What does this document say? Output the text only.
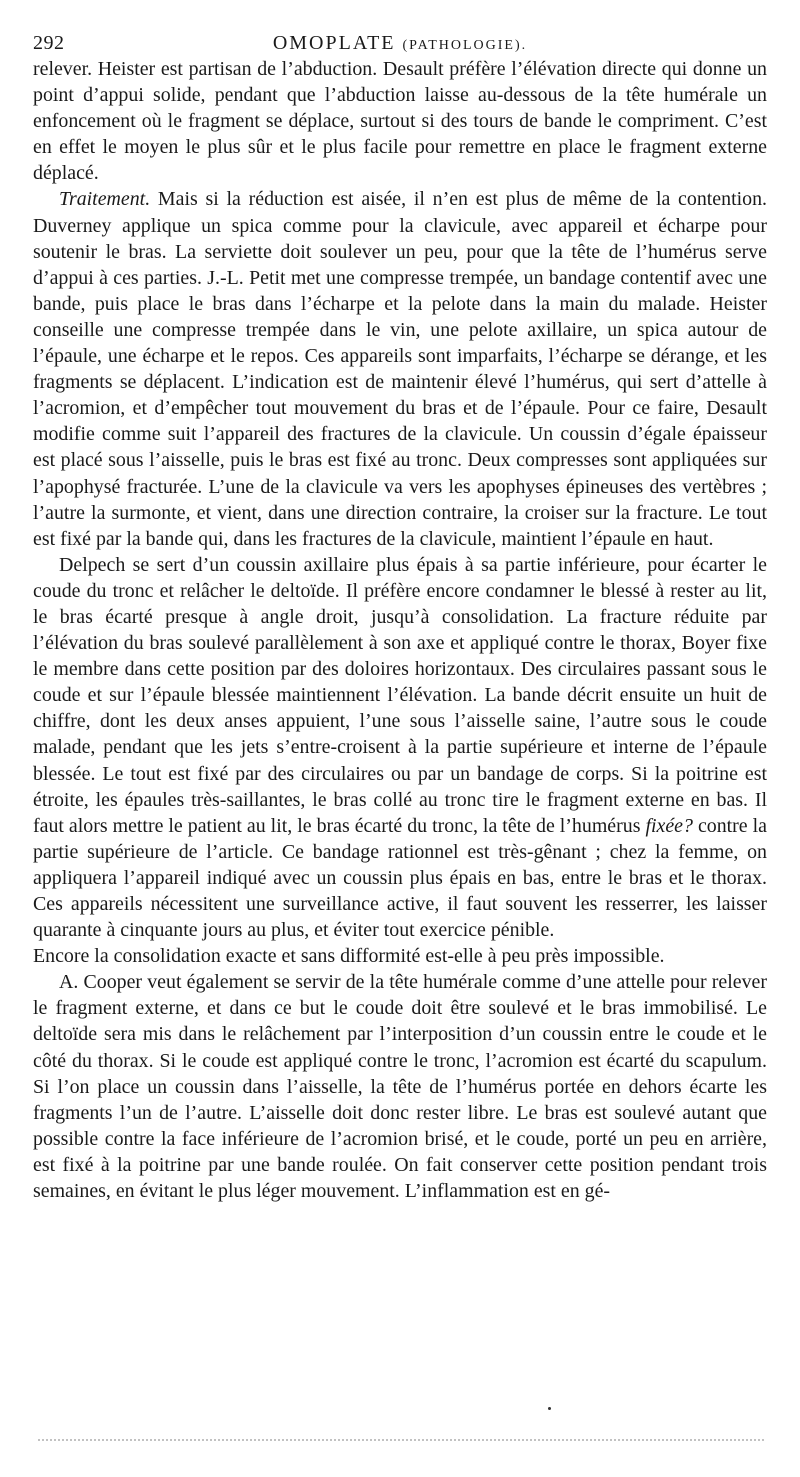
292	OMOPLATE (PATHOLOGIE).

relever. Heister est partisan de l’abduction. Desault préfère l’élévation directe qui donne un point d’appui solide, pendant que l’abduction laisse au-dessous de la tête humérale un enfoncement où le fragment se déplace, surtout si des tours de bande le compriment. C’est en effet le moyen le plus sûr et le plus facile pour remettre en place le fragment externe déplacé.

Traitement. Mais si la réduction est aisée, il n’en est plus de même de la contention. Duverney applique un spica comme pour la clavicule, avec appareil et écharpe pour soutenir le bras. La serviette doit soulever un peu, pour que la tête de l’humérus serve d’appui à ces parties. J.-L. Petit met une compresse trempée, un bandage contentif avec une bande, puis place le bras dans l’écharpe et la pelote dans la main du malade. Heister conseille une compresse trempée dans le vin, une pelote axillaire, un spica autour de l’épaule, une écharpe et le repos. Ces appareils sont imparfaits, l’écharpe se dérange, et les fragments se déplacent. L’indication est de maintenir élevé l’humérus, qui sert d’attelle à l’acromion, et d’empêcher tout mouvement du bras et de l’épaule. Pour ce faire, Desault modifie comme suit l’appareil des fractures de la clavicule. Un coussin d’égale épaisseur est placé sous l’aisselle, puis le bras est fixé au tronc. Deux compresses sont appliquées sur l’apophysé fracturée. L’une de la clavicule va vers les apophyses épineuses des vertèbres ; l’autre la surmonte, et vient, dans une direction contraire, la croiser sur la fracture. Le tout est fixé par la bande qui, dans les fractures de la clavicule, maintient l’épaule en haut.

Delpech se sert d’un coussin axillaire plus épais à sa partie inférieure, pour écarter le coude du tronc et relâcher le deltoïde. Il préfère encore condamner le blessé à rester au lit, le bras écarté presque à angle droit, jusqu’à consolidation. La fracture réduite par l’élévation du bras soulevé parallèlement à son axe et appliqué contre le thorax, Boyer fixe le membre dans cette position par des doloires horizontaux. Des circulaires passant sous le coude et sur l’épaule blessée maintiennent l’élévation. La bande décrit ensuite un huit de chiffre, dont les deux anses appuient, l’une sous l’aisselle saine, l’autre sous le coude malade, pendant que les jets s’entre-croisent à la partie supérieure et interne de l’épaule blessée. Le tout est fixé par des circulaires ou par un bandage de corps. Si la poitrine est étroite, les épaules très-saillantes, le bras collé au tronc tire le fragment externe en bas. Il faut alors mettre le patient au lit, le bras écarté du tronc, la tête de l’humérus fixée? contre la partie supérieure de l’article. Ce bandage rationnel est très-gênant ; chez la femme, on appliquera l’appareil indiqué avec un coussin plus épais en bas, entre le bras et le thorax. Ces appareils nécessitent une surveillance active, il faut souvent les resserrer, les laisser quarante à cinquante jours au plus, et éviter tout exercice pénible.

Encore la consolidation exacte et sans difformité est-elle à peu près impossible.

A. Cooper veut également se servir de la tête humérale comme d’une attelle pour relever le fragment externe, et dans ce but le coude doit être soulevé et le bras immobilisé. Le deltoïde sera mis dans le relâchement par l’interposition d’un coussin entre le coude et le côté du thorax. Si le coude est appliqué contre le tronc, l’acromion est écarté du scapulum. Si l’on place un coussin dans l’aisselle, la tête de l’humérus portée en dehors écarte les fragments l’un de l’autre. L’aisselle doit donc rester libre. Le bras est soulevé autant que possible contre la face inférieure de l’acromion brisé, et le coude, porté un peu en arrière, est fixé à la poitrine par une bande roulée. On fait conserver cette position pendant trois semaines, en évitant le plus léger mouvement. L’inflammation est en gé-
